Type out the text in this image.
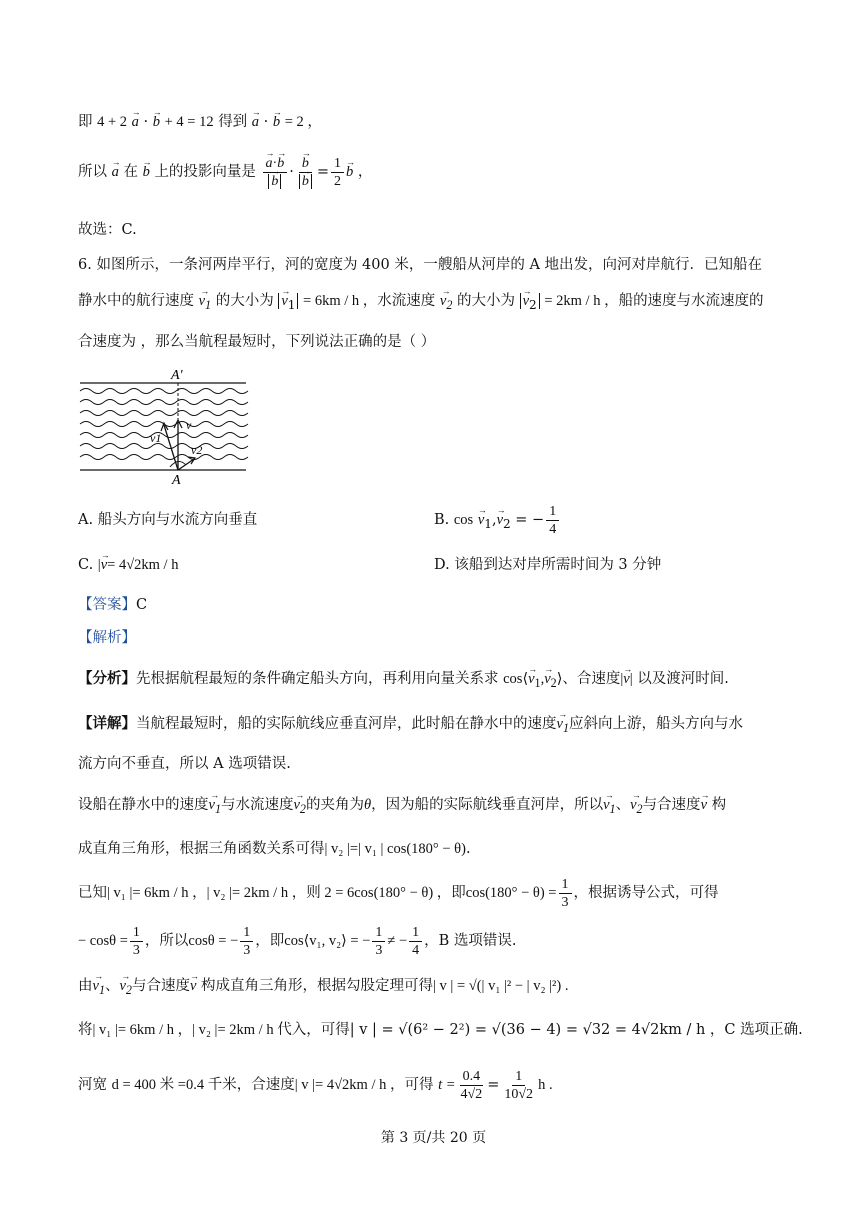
即 4 + 2 → a · → b + 4 = 12 得到 → a · → b = 2 ，
所以 → a 在 → b 上的投影向量是
→ a·→ b
→ b ·
→ b
→ $b = \frac{1}{2}$
→ b ，
故选：C.
6. 如图所示，一条河两岸平行，河的宽度为 400 米，一艘船从河岸的 A 地出发，向河对岸航行．已知船在
静水中的航行速度 → $v_1$ 的大小为 → $v_1 = 6km / h$ ，水流速度 → $v_2$ 的大小为 → $v_2 = 2km / h$ ，船的速度与水流速度的
合速度为 ，那么当航程最短时，下列说法正确的是（ ）
A′
A
v
v1
v2
A. 船头方向与水流方向垂直	B. $\cos \to v_1,\to v_2$ = − $\frac{1}{4}$
C. |→ v= 4√2km / h	D. 该船到达对岸所需时间为 3 分钟
【答案】C
【解析】
【分析】先根据航程最短的条件确定船头方向，再利用向量关系求 cos⟨→ $v_1,\to$ $v_2⟩$、合速度|→ v| 以及渡河时间.
【详解】当航程最短时，船的实际航线应垂直河岸，此时船在静水中的速度→ $v_1$应斜向上游，船头方向与水
流方向不垂直，所以 A 选项错误.
设船在静水中的速度→ $v_1$与水流速度→ $v_2$的夹角为θ，因为船的实际航线垂直河岸，所以→ $v_1$、→ $v_2$与合速度→ v 构
成直角三角形，根据三角函数关系可得| v₂ |=| v₁ | cos(180° − θ).
已知| v₁ |= 6km / h ，| v₂ |= 2km / h ，则 2 = 6cos(180° − θ) ，即$\cos(180^\circ - \theta) = \frac{1}{3}$ ，根据诱导公式，可得
− $\cos\theta = \frac{1}{3}$ ，所以cosθ = − $\frac{1}{3}$ ，即cos⟨v₁, v₂⟩ = − $\frac{1}{3}$ ≠ − $\frac{1}{4}$ ，B 选项错误.
由→ $v_1$、→ $v_2$与合速度→ v 构成直角三角形，根据勾股定理可得| v | = √(| v₁ |² − | v₂ |²) .
将| v₁ |= 6km / h ，| v₂ |= 2km / h 代入，可得| v | = √(6² − 2²) = √(36 − 4) = √32 = 4√2km / h ，C 选项正确.
河宽 d = 400 米 =0.4 千米，合速度| v |= 4√2km / h ，可得 $t = \frac{0.4}{4√2} = \frac{1}{10√2}$ h .
第 3 页/共 20 页
